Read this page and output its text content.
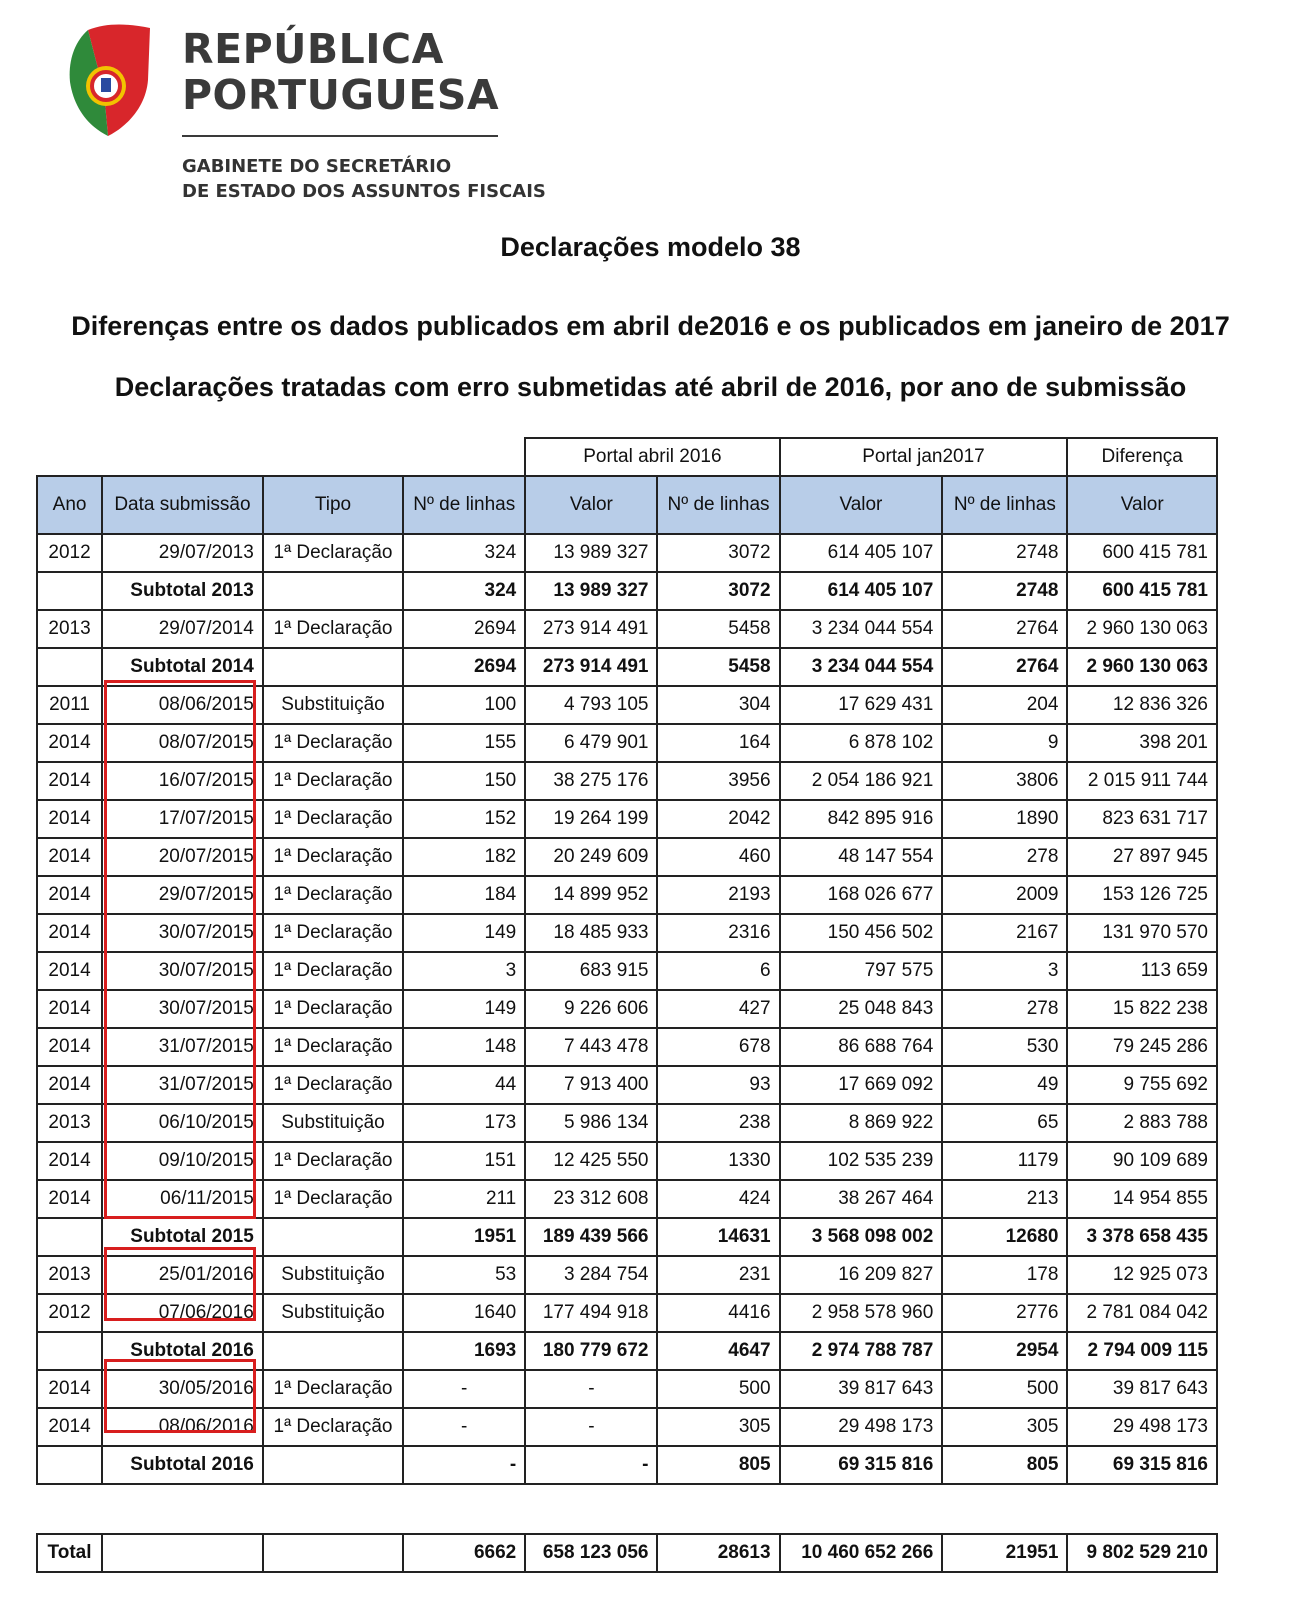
REPÚBLICA
PORTUGUESA
GABINETE DO SECRETÁRIO
DE ESTADO DOS ASSUNTOS FISCAIS
Declarações modelo 38
Diferenças entre os dados publicados em abril de2016 e os publicados em janeiro de 2017
Declarações tratadas com erro submetidas até abril de 2016, por ano de submissão
				Portal abril 2016		Portal jan2017		Diferença
Ano	Data submissão	Tipo	Nº de linhas	Valor	Nº de linhas	Valor	Nº de linhas	Valor
2012	29/07/2013	1ª Declaração	324	13 989 327	3072	614 405 107	2748	600 415 781
	Subtotal 2013		324	13 989 327	3072	614 405 107	2748	600 415 781
2013	29/07/2014	1ª Declaração	2694	273 914 491	5458	3 234 044 554	2764	2 960 130 063
	Subtotal 2014		2694	273 914 491	5458	3 234 044 554	2764	2 960 130 063
2011	08/06/2015	Substituição	100	4 793 105	304	17 629 431	204	12 836 326
2014	08/07/2015	1ª Declaração	155	6 479 901	164	6 878 102	9	398 201
2014	16/07/2015	1ª Declaração	150	38 275 176	3956	2 054 186 921	3806	2 015 911 744
2014	17/07/2015	1ª Declaração	152	19 264 199	2042	842 895 916	1890	823 631 717
2014	20/07/2015	1ª Declaração	182	20 249 609	460	48 147 554	278	27 897 945
2014	29/07/2015	1ª Declaração	184	14 899 952	2193	168 026 677	2009	153 126 725
2014	30/07/2015	1ª Declaração	149	18 485 933	2316	150 456 502	2167	131 970 570
2014	30/07/2015	1ª Declaração	3	683 915	6	797 575	3	113 659
2014	30/07/2015	1ª Declaração	149	9 226 606	427	25 048 843	278	15 822 238
2014	31/07/2015	1ª Declaração	148	7 443 478	678	86 688 764	530	79 245 286
2014	31/07/2015	1ª Declaração	44	7 913 400	93	17 669 092	49	9 755 692
2013	06/10/2015	Substituição	173	5 986 134	238	8 869 922	65	2 883 788
2014	09/10/2015	1ª Declaração	151	12 425 550	1330	102 535 239	1179	90 109 689
2014	06/11/2015	1ª Declaração	211	23 312 608	424	38 267 464	213	14 954 855
	Subtotal 2015		1951	189 439 566	14631	3 568 098 002	12680	3 378 658 435
2013	25/01/2016	Substituição	53	3 284 754	231	16 209 827	178	12 925 073
2012	07/06/2016	Substituição	1640	177 494 918	4416	2 958 578 960	2776	2 781 084 042
	Subtotal 2016		1693	180 779 672	4647	2 974 788 787	2954	2 794 009 115
2014	30/05/2016	1ª Declaração	-	-	500	39 817 643	500	39 817 643
2014	08/06/2016	1ª Declaração	-	-	305	29 498 173	305	29 498 173
	Subtotal 2016		-	-	805	69 315 816	805	69 315 816
Total			6662	658 123 056	28613	10 460 652 266	21951	9 802 529 210
